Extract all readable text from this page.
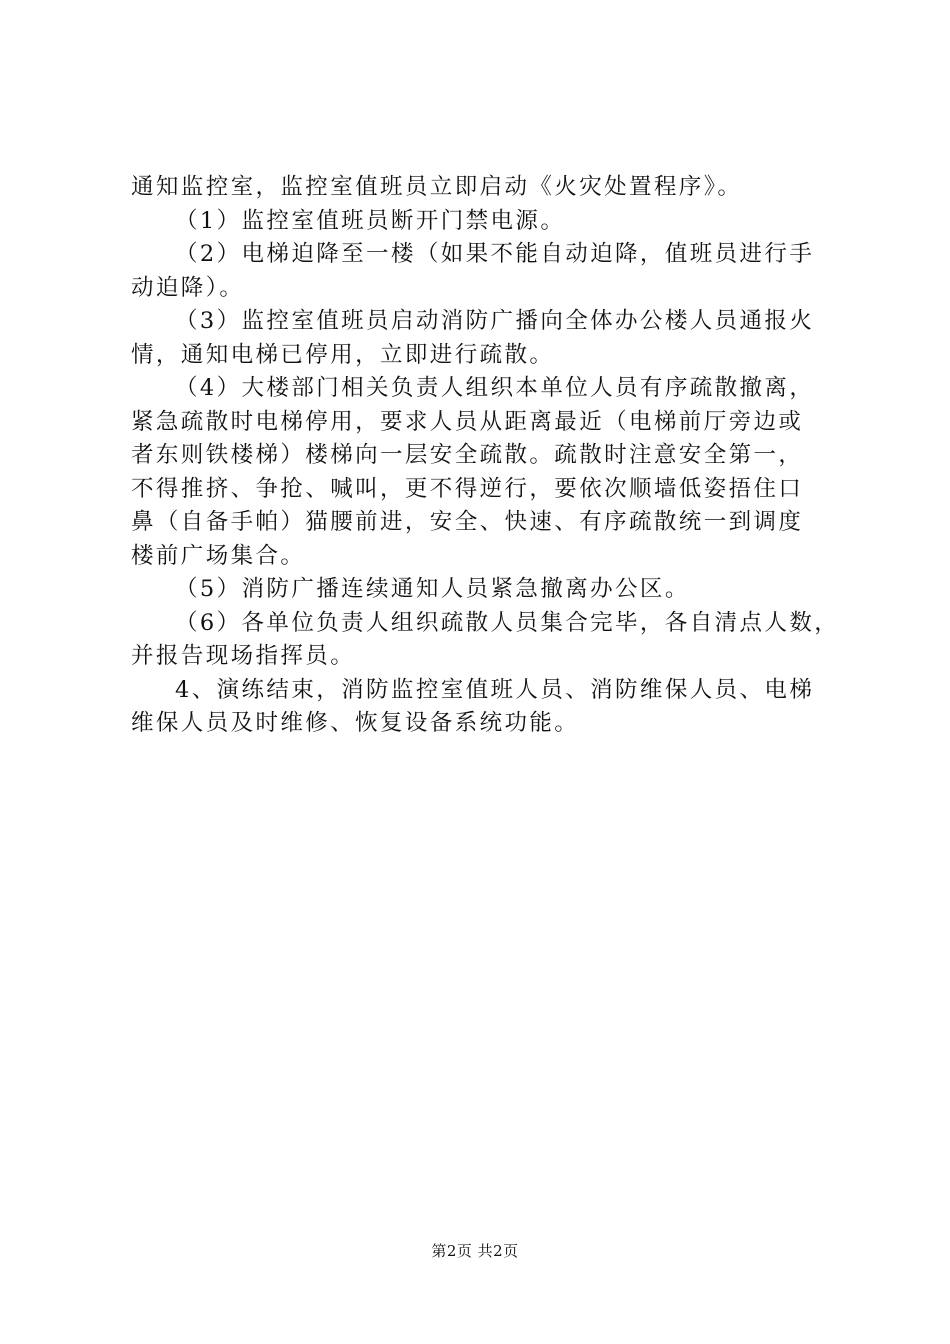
通知监控室，监控室值班员立即启动《火灾处置程序》。
（1）监控室值班员断开门禁电源。
（2）电梯迫降至一楼（如果不能自动迫降，值班员进行手
动迫降）。
（3）监控室值班员启动消防广播向全体办公楼人员通报火
情，通知电梯已停用，立即进行疏散。
（4）大楼部门相关负责人组织本单位人员有序疏散撤离，
紧急疏散时电梯停用，要求人员从距离最近（电梯前厅旁边或
者东则铁楼梯）楼梯向一层安全疏散。疏散时注意安全第一，
不得推挤、争抢、喊叫，更不得逆行，要依次顺墙低姿捂住口
鼻（自备手帕）猫腰前进，安全、快速、有序疏散统一到调度
楼前广场集合。
（5）消防广播连续通知人员紧急撤离办公区。
（6）各单位负责人组织疏散人员集合完毕，各自清点人数，
并报告现场指挥员。
4、演练结束，消防监控室值班人员、消防维保人员、电梯
维保人员及时维修、恢复设备系统功能。
第2页 共2页
